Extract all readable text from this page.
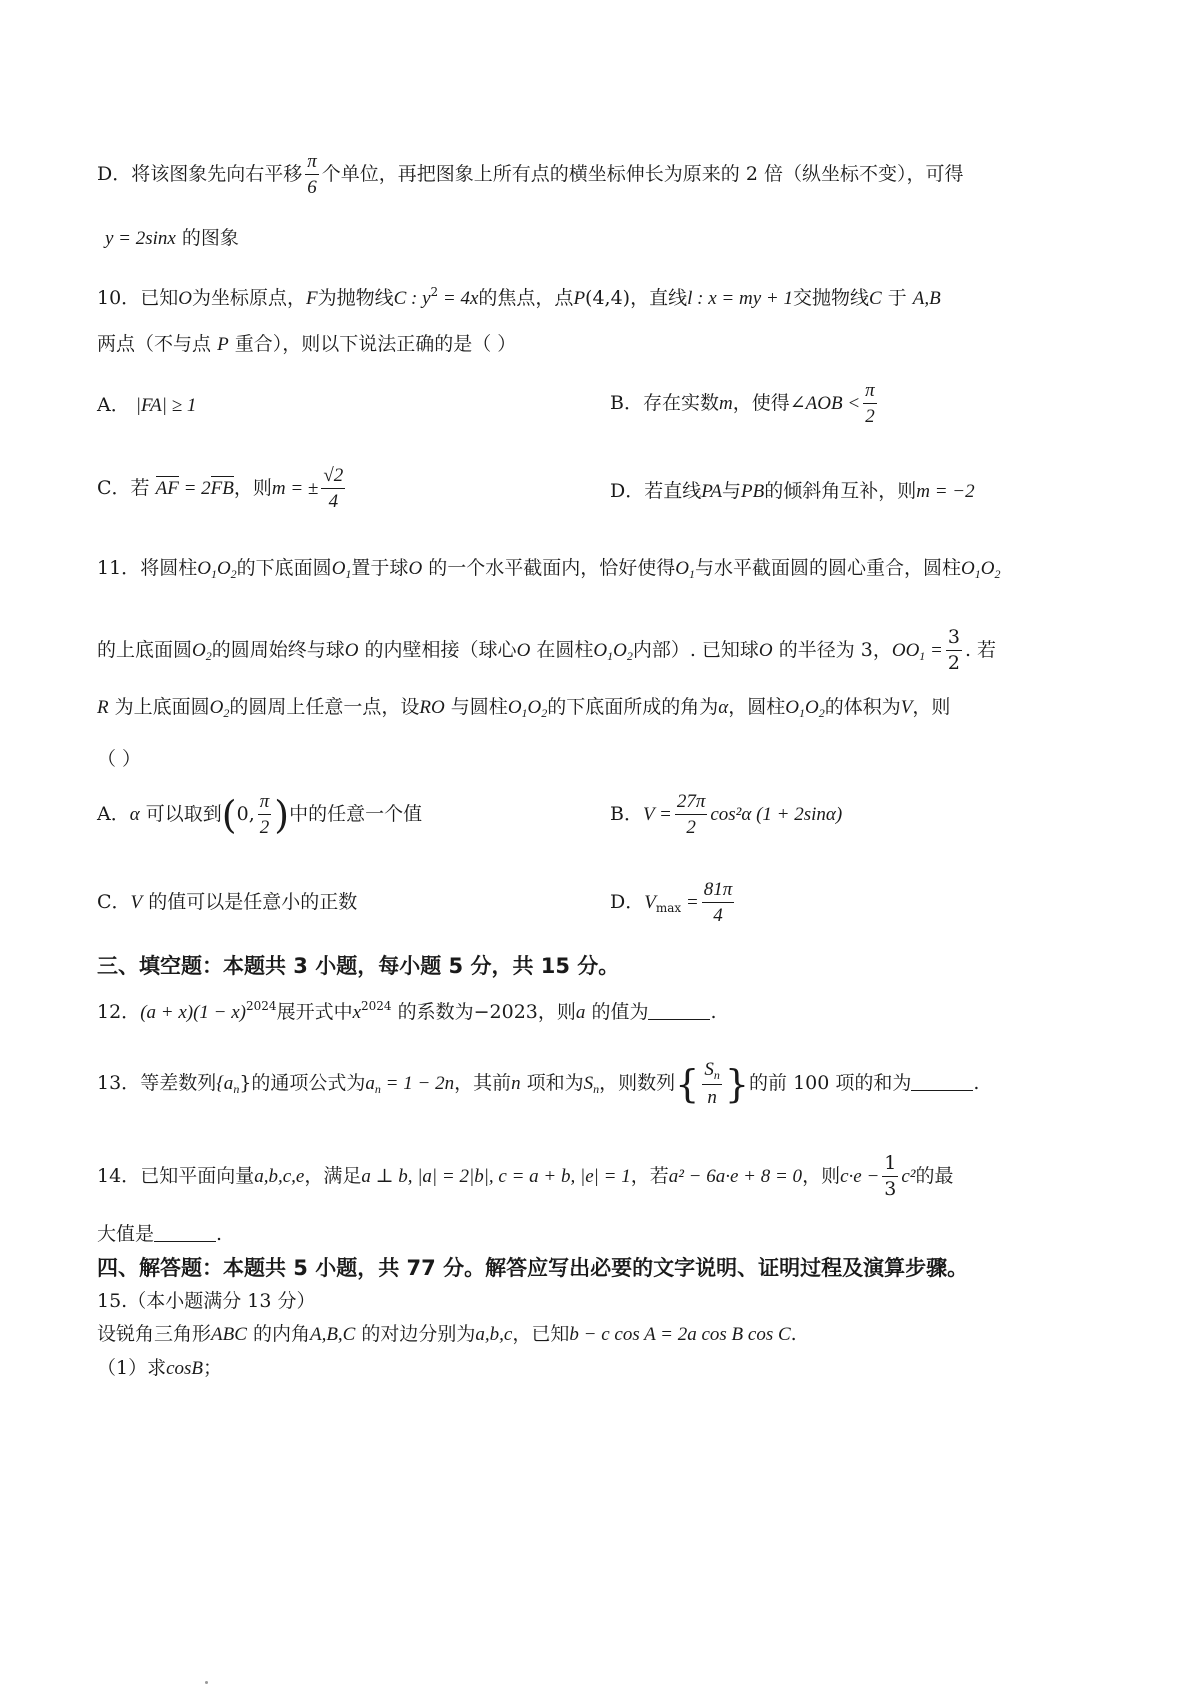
D．将该图象先向右平移 $\frac{\pi}{6}$ 个单位，再把图象上所有点的横坐标伸长为原来的 2 倍（纵坐标不变），可得
y = 2sinx 的图象
10．已知O为坐标原点，F为抛物线C : $y^2 = 4x$的焦点，点P(4,4)，直线l : x = my + 1交抛物线C 于 A,B
两点（不与点 P 重合），则以下说法正确的是（ ）
A． |FA| ≥ 1	B．存在实数m，使得∠AOB < $\frac{\pi}{2}$
C．若 AF = 2FB，则m = ± $\frac{√2}{4}$	D．若直线PA与PB的倾斜角互补，则m = −2
11．将圆柱$O_1O_2$的下底面圆$O_1$置于球O 的一个水平截面内，恰好使得$O_1$与水平截面圆的圆心重合，圆柱$O_1O_2$
的上底面圆$O_2$的圆周始终与球O 的内壁相接（球心O 在圆柱$O_1O_2$内部）. 已知球O 的半径为 3，$OO_1 = \frac{3}{2}$ . 若
R 为上底面圆$O_2$的圆周上任意一点，设RO 与圆柱$O_1O_2$的下底面所成的角为α，圆柱$O_1O_2$的体积为V，则
（ ）
A．α 可以取到(0, $\frac{\pi}{2}$ )中的任意一个值	B．$V = \frac{27\pi}{2} \cos^2\alpha$ (1 + 2sinα)
C．V 的值可以是任意小的正数	D．$V_{max} = \frac{81\pi}{4}$
三、填空题：本题共 3 小题，每小题 5 分，共 15 分。
12．$(a + x)(1 - x)^{2024}$展开式中$x^{2024}$ 的系数为−2023，则a 的值为	.
13．等差数列$\{a_n\}$的通项公式为$a_n = 1 - 2n$，其前n 项和为$S_n$，则数列{ $\frac{S_n}{n}$ }的前 100 项的和为	.
14．已知平面向量a,b,c,e，满足a ⊥ b, |a| = 2|b|, c = a + b, |e| = 1，若a² − 6a·e + 8 = 0，则$c\cdot e - \frac{1}{3} c^2$的最
大值是	.
四、解答题：本题共 5 小题，共 77 分。解答应写出必要的文字说明、证明过程及演算步骤。
15.（本小题满分 13 分）
设锐角三角形ABC 的内角A,B,C 的对边分别为a,b,c，已知b − c cos A = 2a cos B cos C.
（1）求cosB；
